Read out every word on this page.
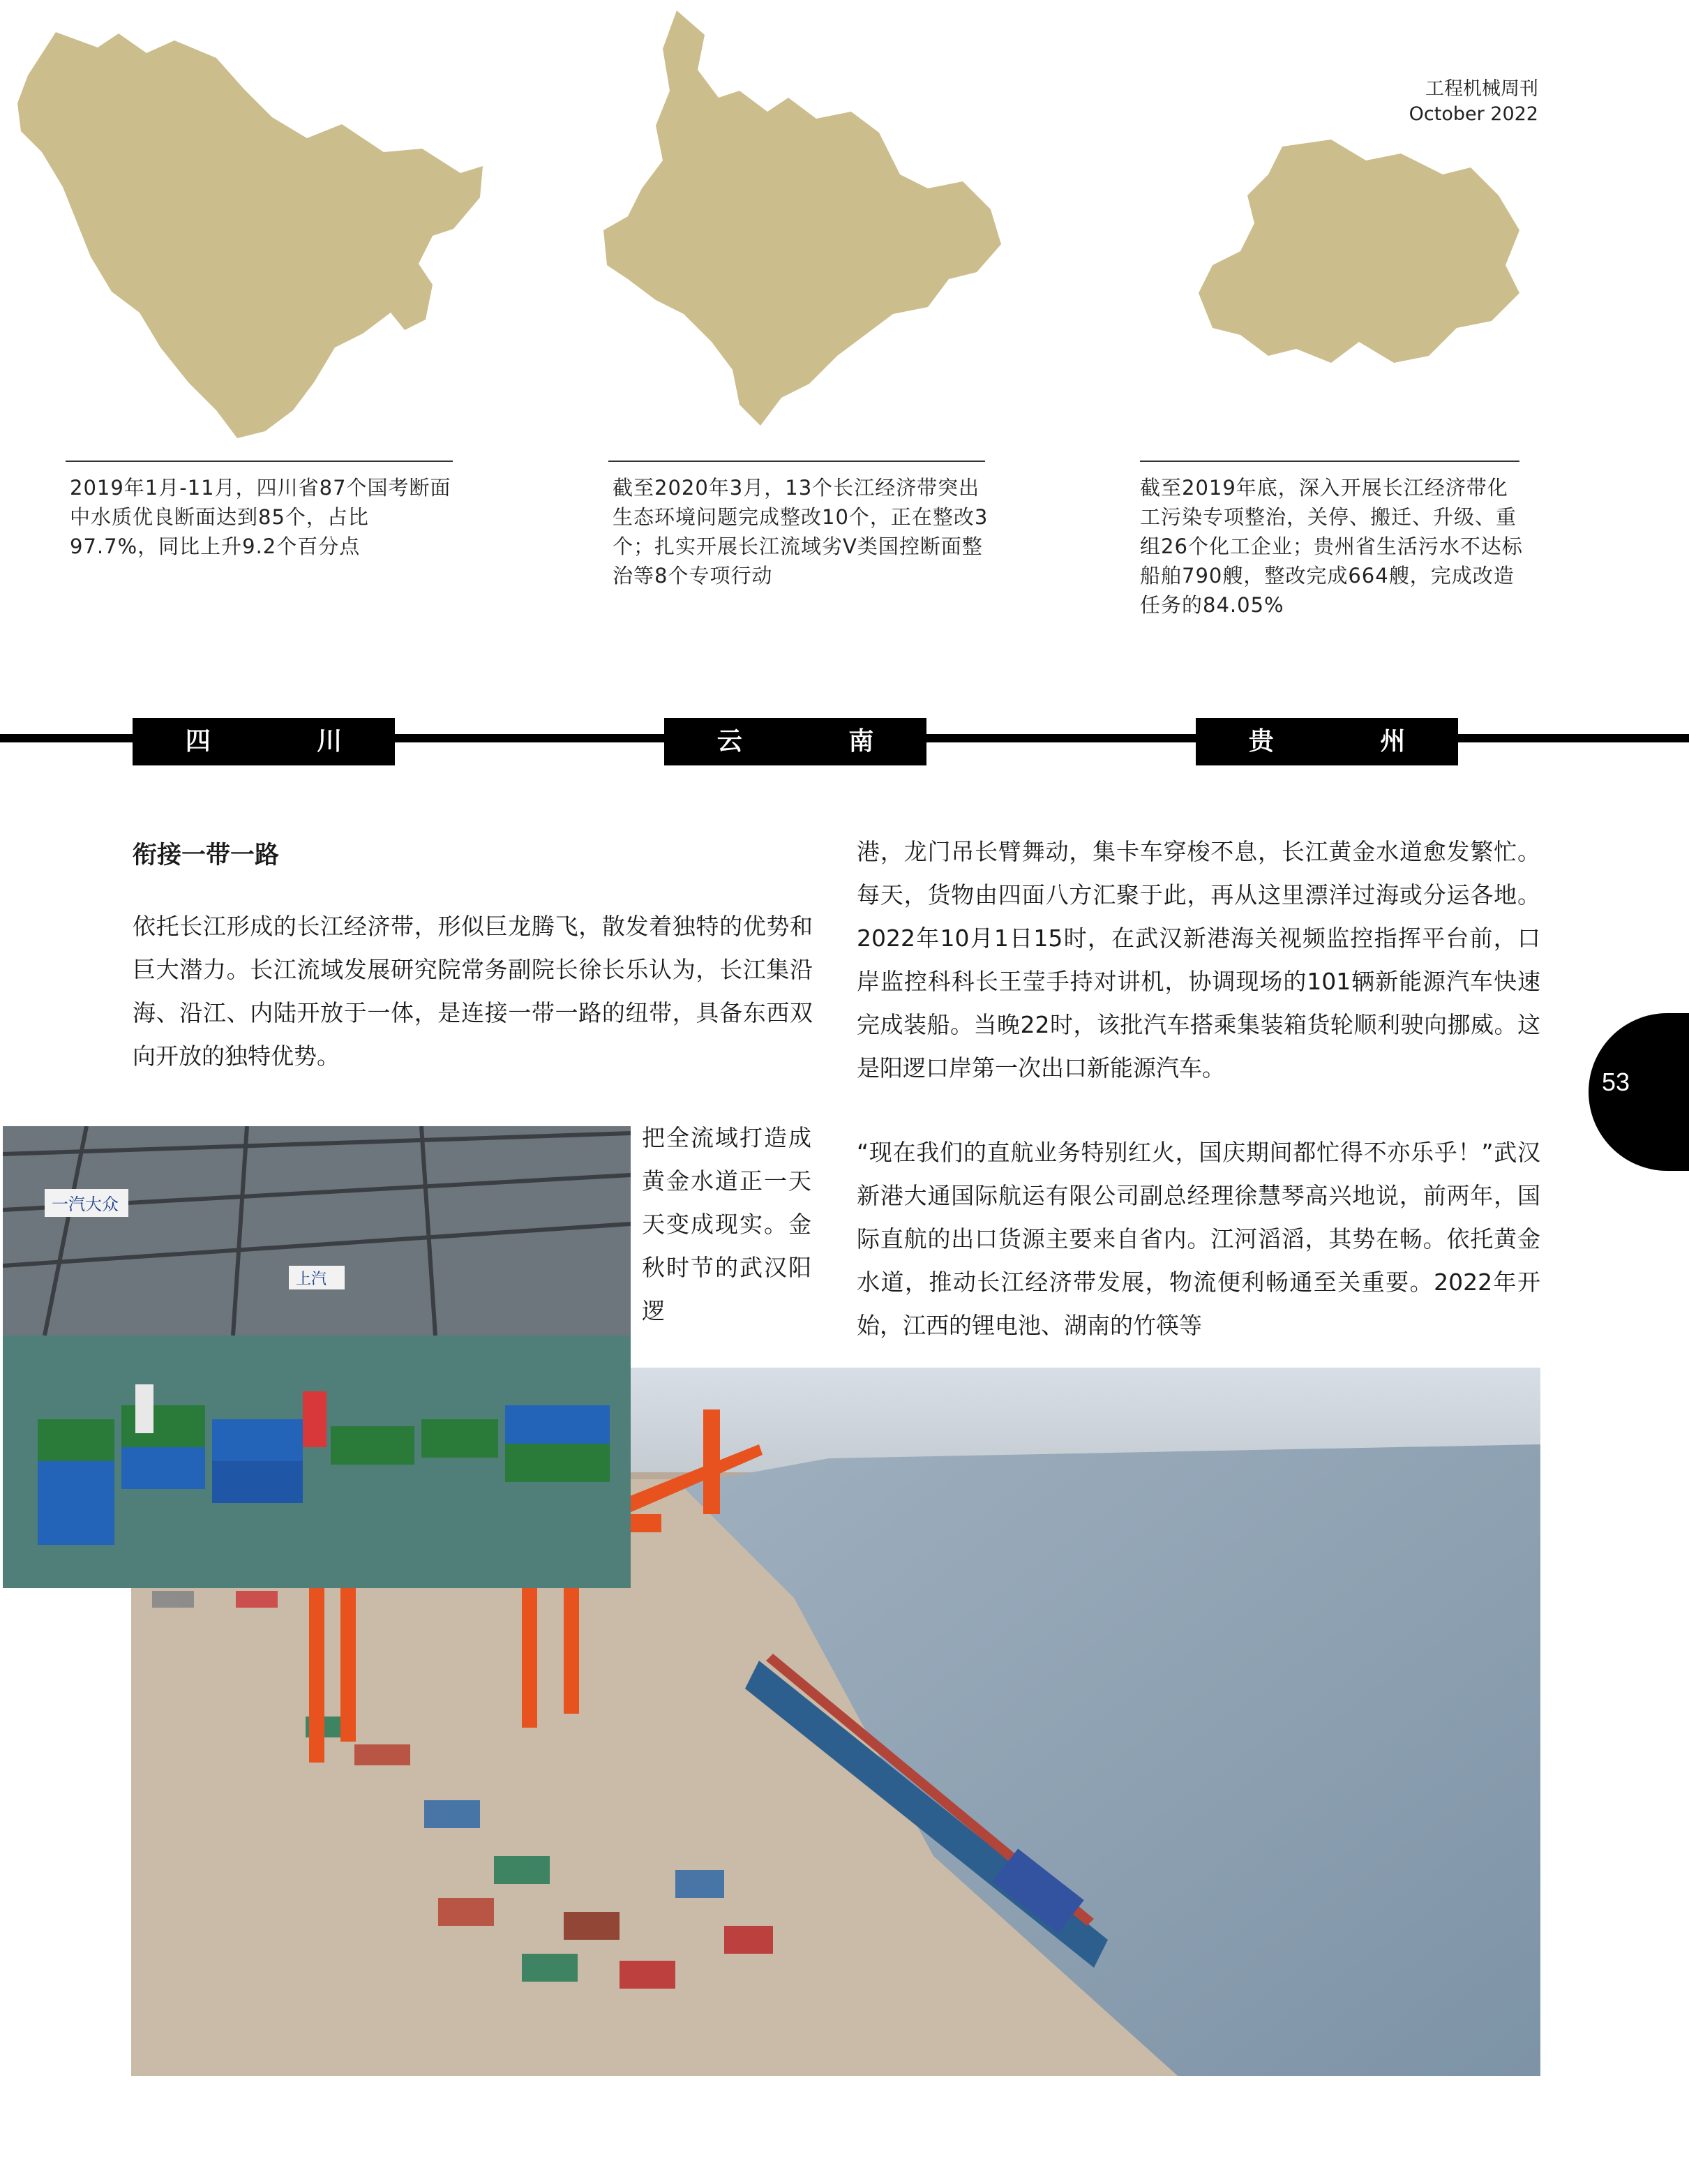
工程机械周刊
October 2022
2019年1月-11月，四川省87个国考断面中水质优良断面达到85个，占比97.7%，同比上升9.2个百分点
截至2020年3月，13个长江经济带突出生态环境问题完成整改10个，正在整改3个；扎实开展长江流域劣V类国控断面整治等8个专项行动
截至2019年底，深入开展长江经济带化工污染专项整治，关停、搬迁、升级、重组26个化工企业；贵州省生活污水不达标船舶790艘，整改完成664艘，完成改造任务的84.05%
四 川	云 南	贵 州
衔接一带一路
依托长江形成的长江经济带，形似巨龙腾飞，散发着独特的优势和巨大潜力。长江流域发展研究院常务副院长徐长乐认为，长江集沿海、沿江、内陆开放于一体，是连接一带一路的纽带，具备东西双向开放的独特优势。
把全流域打造成黄金水道正一天天变成现实。金秋时节的武汉阳逻
港，龙门吊长臂舞动，集卡车穿梭不息，长江黄金水道愈发繁忙。每天，货物由四面八方汇聚于此，再从这里漂洋过海或分运各地。2022年10月1日15时，在武汉新港海关视频监控指挥平台前，口岸监控科科长王莹手持对讲机，协调现场的101辆新能源汽车快速完成装船。当晚22时，该批汽车搭乘集装箱货轮顺利驶向挪威。这是阳逻口岸第一次出口新能源汽车。
“现在我们的直航业务特别红火，国庆期间都忙得不亦乐乎！”武汉新港大通国际航运有限公司副总经理徐慧琴高兴地说，前两年，国际直航的出口货源主要来自省内。江河滔滔，其势在畅。依托黄金水道，推动长江经济带发展，物流便利畅通至关重要。2022年开始，江西的锂电池、湖南的竹筷等
53
一汽大众
上汽
